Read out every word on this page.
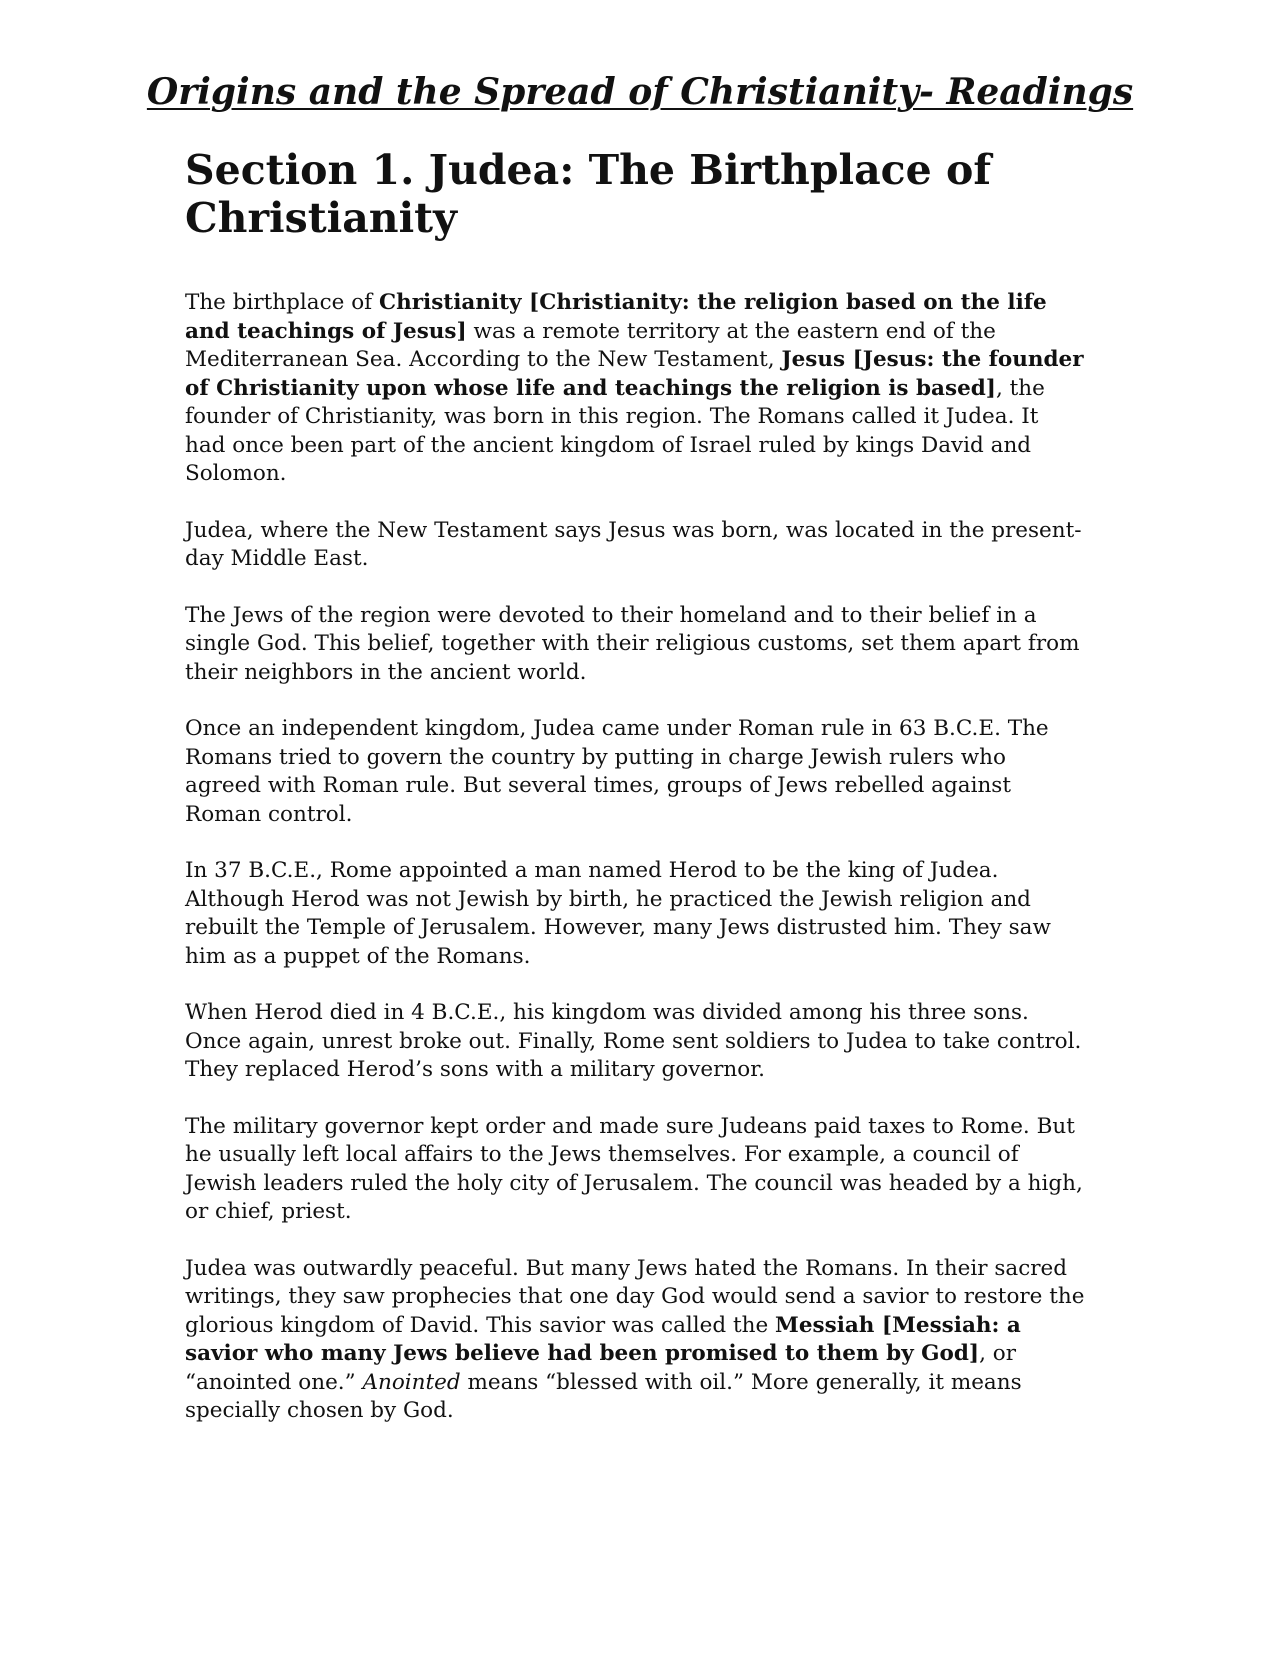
Origins and the Spread of Christianity- Readings
Section 1. Judea: The Birthplace of Christianity

The birthplace of Christianity [Christianity: the religion based on the life and teachings of Jesus] was a remote territory at the eastern end of the Mediterranean Sea. According to the New Testament, Jesus [Jesus: the founder of Christianity upon whose life and teachings the religion is based], the founder of Christianity, was born in this region. The Romans called it Judea. It had once been part of the ancient kingdom of Israel ruled by kings David and Solomon.

Judea, where the New Testament says Jesus was born, was located in the present-day Middle East.

The Jews of the region were devoted to their homeland and to their belief in a single God. This belief, together with their religious customs, set them apart from their neighbors in the ancient world.

Once an independent kingdom, Judea came under Roman rule in 63 B.C.E. The Romans tried to govern the country by putting in charge Jewish rulers who agreed with Roman rule. But several times, groups of Jews rebelled against Roman control.

In 37 B.C.E., Rome appointed a man named Herod to be the king of Judea. Although Herod was not Jewish by birth, he practiced the Jewish religion and rebuilt the Temple of Jerusalem. However, many Jews distrusted him. They saw him as a puppet of the Romans.

When Herod died in 4 B.C.E., his kingdom was divided among his three sons. Once again, unrest broke out. Finally, Rome sent soldiers to Judea to take control. They replaced Herod’s sons with a military governor.

The military governor kept order and made sure Judeans paid taxes to Rome. But he usually left local affairs to the Jews themselves. For example, a council of Jewish leaders ruled the holy city of Jerusalem. The council was headed by a high, or chief, priest.

Judea was outwardly peaceful. But many Jews hated the Romans. In their sacred writings, they saw prophecies that one day God would send a savior to restore the glorious kingdom of David. This savior was called the Messiah [Messiah: a savior who many Jews believe had been promised to them by God], or “anointed one.” Anointed means “blessed with oil.” More generally, it means specially chosen by God.
